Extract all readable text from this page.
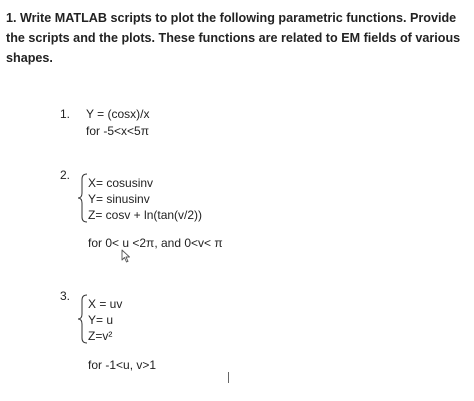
1. Write MATLAB scripts to plot the following parametric functions. Provide
the scripts and the plots. These functions are related to EM fields of various
shapes.
1. Y = (cosx)/x
for -5<x<5π
2.
X= cosusinv
Y= sinusinv
Z= cosv + ln(tan(v/2))
for 0< u <2π, and 0<v< π
3.
X = uv
Y= u
Z=v²
for -1<u, v>1
